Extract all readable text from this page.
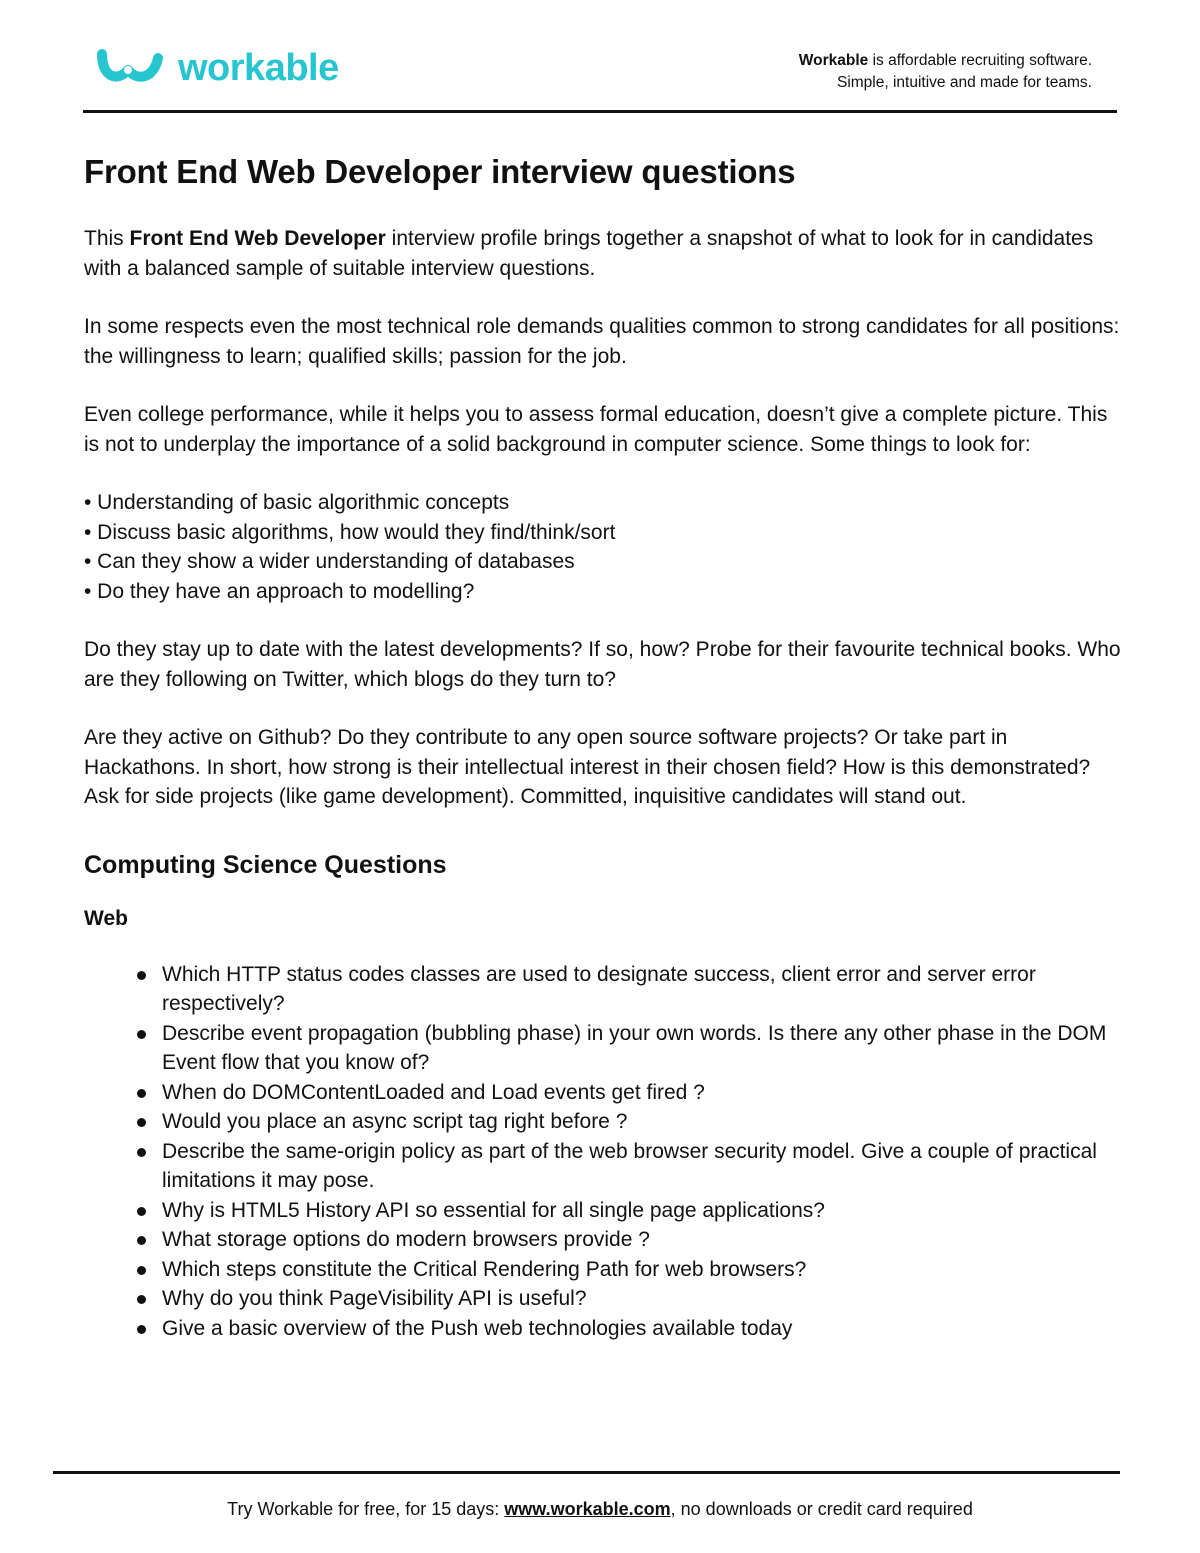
workable	Workable is affordable recruiting software.
Simple, intuitive and made for teams.
Front End Web Developer interview questions

This Front End Web Developer interview profile brings together a snapshot of what to look for in candidates with a balanced sample of suitable interview questions.

In some respects even the most technical role demands qualities common to strong candidates for all positions: the willingness to learn; qualified skills; passion for the job.

Even college performance, while it helps you to assess formal education, doesn’t give a complete picture. This is not to underplay the importance of a solid background in computer science. Some things to look for:

• Understanding of basic algorithmic concepts
• Discuss basic algorithms, how would they find/think/sort
• Can they show a wider understanding of databases
• Do they have an approach to modelling?

Do they stay up to date with the latest developments? If so, how? Probe for their favourite technical books. Who are they following on Twitter, which blogs do they turn to?

Are they active on Github? Do they contribute to any open source software projects? Or take part in Hackathons. In short, how strong is their intellectual interest in their chosen field? How is this demonstrated? Ask for side projects (like game development). Committed, inquisitive candidates will stand out.

Computing Science Questions
Web
Which HTTP status codes classes are used to designate success, client error and server error respectively?
Describe event propagation (bubbling phase) in your own words. Is there any other phase in the DOM Event flow that you know of?
When do DOMContentLoaded and Load events get fired ?
Would you place an async script tag right before ?
Describe the same-origin policy as part of the web browser security model. Give a couple of practical limitations it may pose.
Why is HTML5 History API so essential for all single page applications?
What storage options do modern browsers provide ?
Which steps constitute the Critical Rendering Path for web browsers?
Why do you think PageVisibility API is useful?
Give a basic overview of the Push web technologies available today
Try Workable for free, for 15 days: www.workable.com, no downloads or credit card required
